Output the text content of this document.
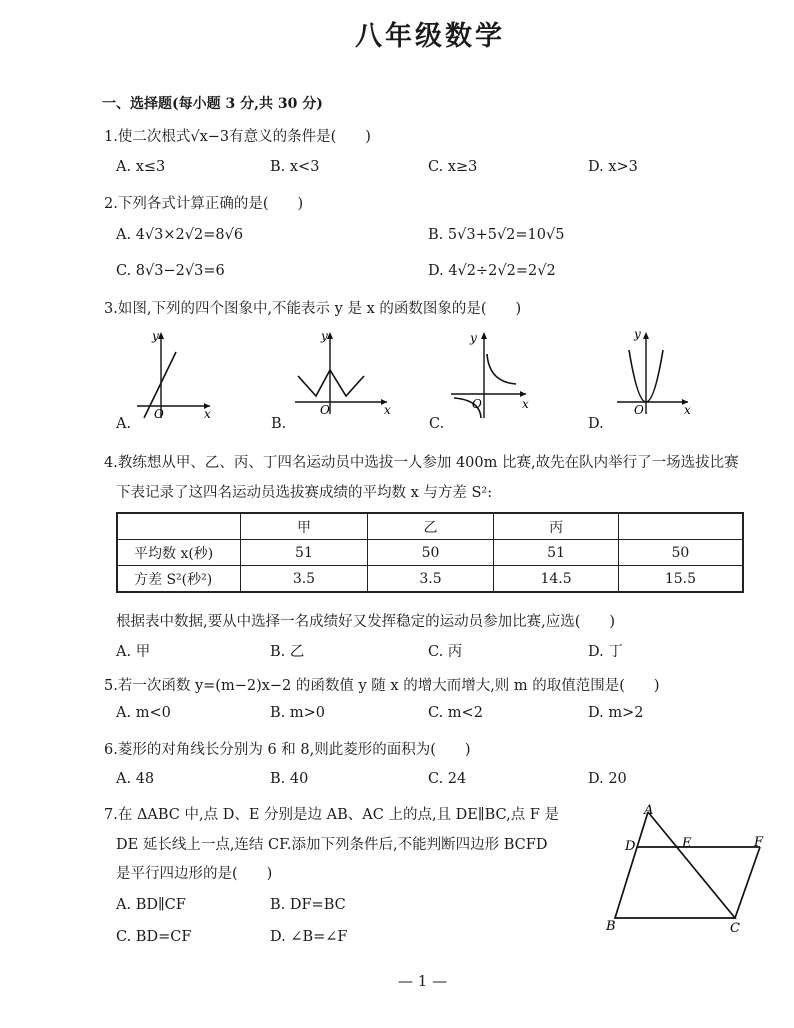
八年级数学
一、选择题(每小题 3 分,共 30 分)
1.使二次根式√x−3有意义的条件是(　　)
A. x≤3	B. x<3	C. x≥3	D. x>3
2.下列各式计算正确的是(　　)
A. 4√3×2√2=8√6	B. 5√3+5√2=10√5
C. 8√3−2√3=6	D. 4√2÷2√2=2√2
3.如图,下列的四个图象中,不能表示 y 是 x 的函数图象的是(　　)
y
x
O
A.
y
x
O
B.
y
x
O
C.
y
x
O
D.
4.教练想从甲、乙、丙、丁四名运动员中选拔一人参加 400m 比赛,故先在队内举行了一场选拔比赛
下表记录了这四名运动员选拔赛成绩的平均数 x 与方差 S²:
	甲	乙	丙	
平均数 x(秒)	51	50	51	50
方差 S²(秒²)	3.5	3.5	14.5	15.5
根据表中数据,要从中选择一名成绩好又发挥稳定的运动员参加比赛,应选(　　)
A. 甲	B. 乙	C. 丙	D. 丁
5.若一次函数 y=(m−2)x−2 的函数值 y 随 x 的增大而增大,则 m 的取值范围是(　　)
A. m<0	B. m>0	C. m<2	D. m>2
6.菱形的对角线长分别为 6 和 8,则此菱形的面积为(　　)
A. 48	B. 40	C. 24	D. 20
7.在 ΔABC 中,点 D、E 分别是边 AB、AC 上的点,且 DE∥BC,点 F 是
DE 延长线上一点,连结 CF.添加下列条件后,不能判断四边形 BCFD
是平行四边形的是(　　)
A. BD∥CF	B. DF=BC
C. BD=CF	D. ∠B=∠F
A
D	E	F
B	C
— 1 —
